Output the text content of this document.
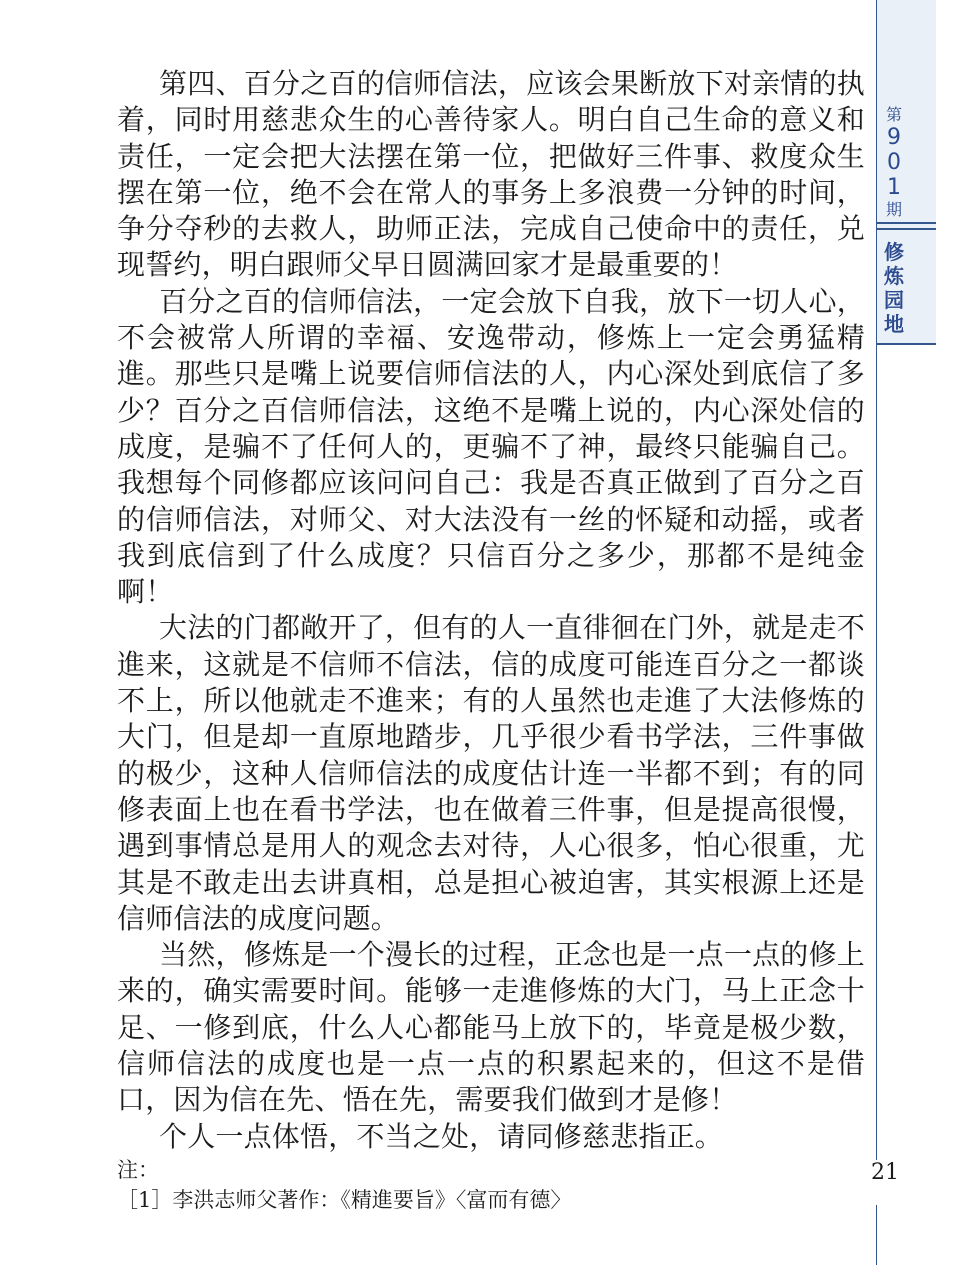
第
9
0
1
期
修
炼
园
地

第四、百分之百的信师信法，应该会果断放下对亲情的执着，同时用慈悲众生的心善待家人。明白自己生命的意义和责任，一定会把大法摆在第一位，把做好三件事、救度众生摆在第一位，绝不会在常人的事务上多浪费一分钟的时间，争分夺秒的去救人，助师正法，完成自己使命中的责任，兑现誓约，明白跟师父早日圆满回家才是最重要的！

百分之百的信师信法，一定会放下自我，放下一切人心，不会被常人所谓的幸福、安逸带动，修炼上一定会勇猛精進。那些只是嘴上说要信师信法的人，内心深处到底信了多少？百分之百信师信法，这绝不是嘴上说的，内心深处信的成度，是骗不了任何人的，更骗不了神，最终只能骗自己。我想每个同修都应该问问自己：我是否真正做到了百分之百的信师信法，对师父、对大法没有一丝的怀疑和动摇，或者我到底信到了什么成度？只信百分之多少，那都不是纯金啊！

大法的门都敞开了，但有的人一直徘徊在门外，就是走不進来，这就是不信师不信法，信的成度可能连百分之一都谈不上，所以他就走不進来；有的人虽然也走進了大法修炼的大门，但是却一直原地踏步，几乎很少看书学法，三件事做的极少，这种人信师信法的成度估计连一半都不到；有的同修表面上也在看书学法，也在做着三件事，但是提高很慢，遇到事情总是用人的观念去对待，人心很多，怕心很重，尤其是不敢走出去讲真相，总是担心被迫害，其实根源上还是信师信法的成度问题。

当然，修炼是一个漫长的过程，正念也是一点一点的修上来的，确实需要时间。能够一走進修炼的大门，马上正念十足、一修到底，什么人心都能马上放下的，毕竟是极少数，信师信法的成度也是一点一点的积累起来的，但这不是借口，因为信在先、悟在先，需要我们做到才是修！

个人一点体悟，不当之处，请同修慈悲指正。

注：

［1］李洪志师父著作：《精進要旨》〈富而有德〉

21
